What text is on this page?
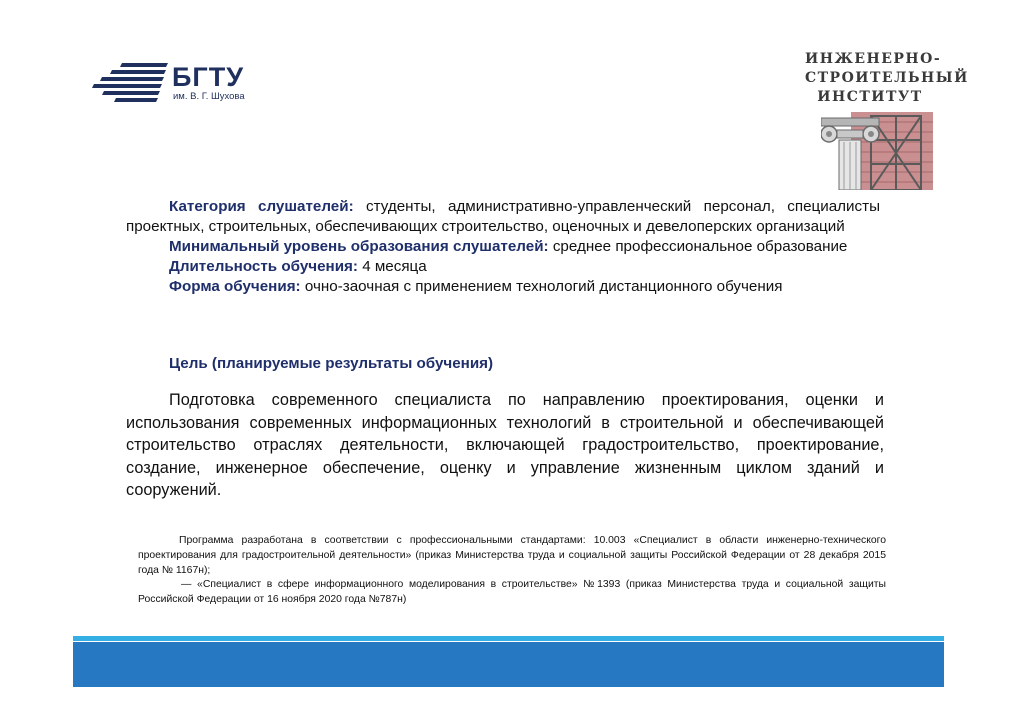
БГТУ
им. В. Г. Шухова
ИНЖЕНЕРНО-
СТРОИТЕЛЬНЫЙ
ИНСТИТУТ
Категория слушателей: студенты, административно-управленческий персонал, специалисты проектных, строительных, обеспечивающих строительство, оценочных и девелоперских организаций
Минимальный уровень образования слушателей: среднее профессиональное образование
Длительность обучения: 4 месяца
Форма обучения: очно-заочная с применением технологий дистанционного обучения
Цель (планируемые результаты обучения)
Подготовка современного специалиста по направлению проектирования, оценки и использования современных информационных технологий в строительной и обеспечивающей строительство отраслях деятельности, включающей градостроительство, проектирование, создание, инженерное обеспечение, оценку и управление жизненным циклом зданий и сооружений.

Программа разработана в соответствии с профессиональными стандартами: 10.003 «Специалист в области инженерно-технического проектирования для градостроительной деятельности» (приказ Министерства труда и социальной защиты Российской Федерации от 28 декабря 2015 года № 1167н);

— «Специалист в сфере информационного моделирования в строительстве» №1393 (приказ Министерства труда и социальной защиты Российской Федерации от 16 ноября 2020 года №787н)
